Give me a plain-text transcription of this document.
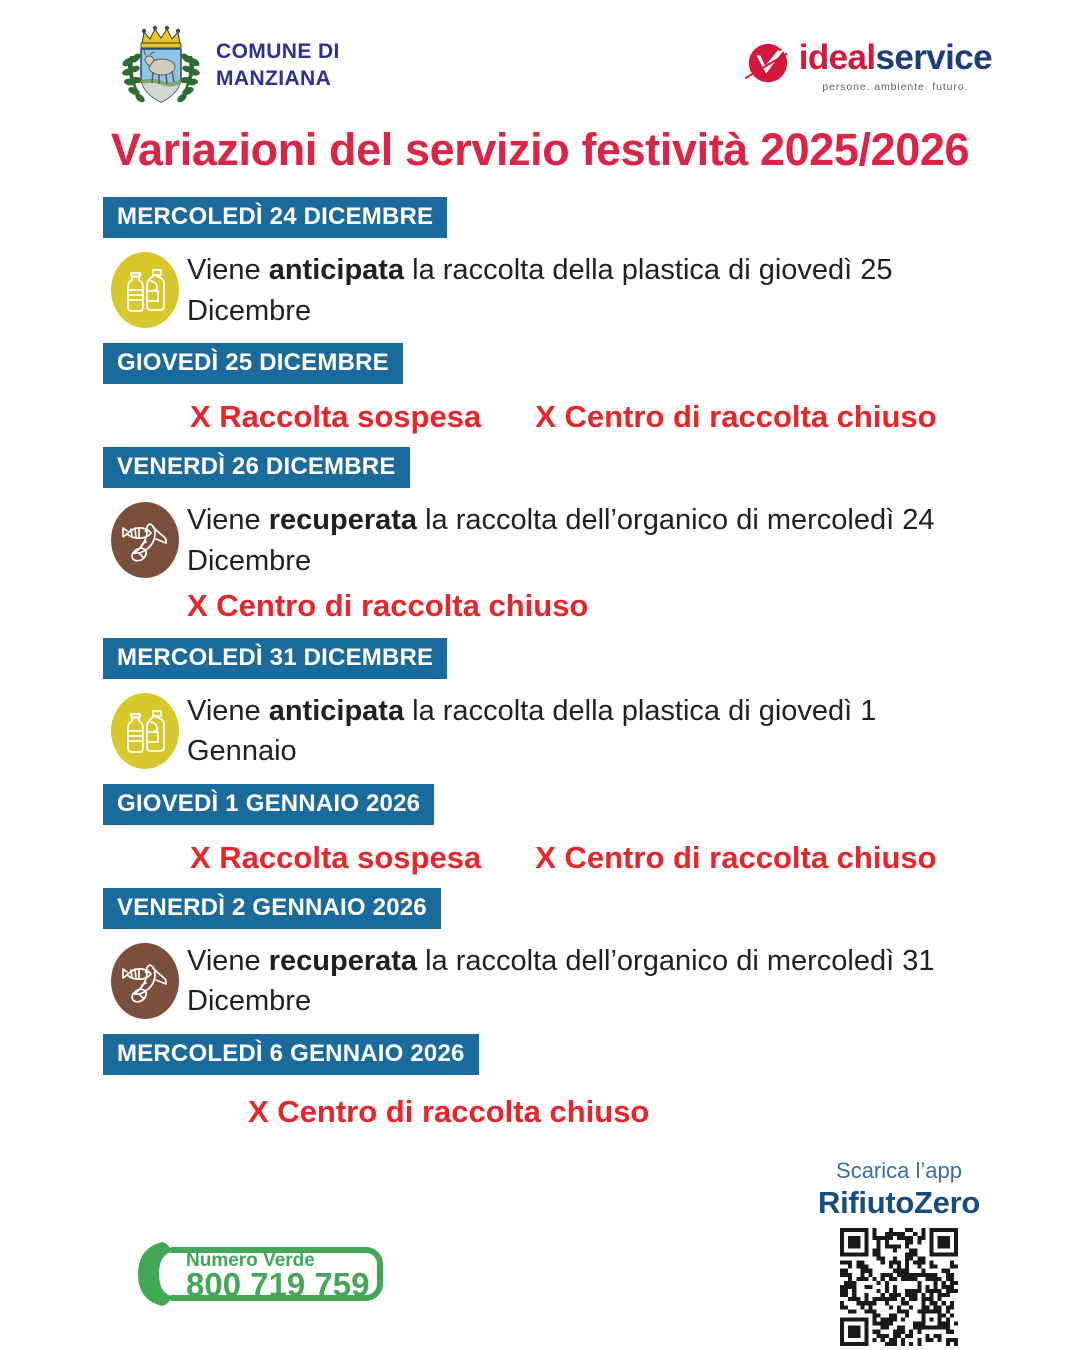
COMUNE DI
MANZIANA
idealservice
persone. ambiente. futuro.
Variazioni del servizio festività 2025/2026
MERCOLEDÌ 24 DICEMBRE
Viene anticipata la raccolta della plastica di giovedì 25 Dicembre
GIOVEDÌ 25 DICEMBRE
X Raccolta sospesa X Centro di raccolta chiuso
VENERDÌ 26 DICEMBRE
Viene recuperata la raccolta dell’organico di mercoledì 24 Dicembre
X Centro di raccolta chiuso
MERCOLEDÌ 31 DICEMBRE
Viene anticipata la raccolta della plastica di giovedì 1 Gennaio
GIOVEDÌ 1 GENNAIO 2026
X Raccolta sospesa X Centro di raccolta chiuso
VENERDÌ 2 GENNAIO 2026
Viene recuperata la raccolta dell’organico di mercoledì 31 Dicembre
MERCOLEDÌ 6 GENNAIO 2026
X Centro di raccolta chiuso
Numero Verde
800 719 759
Scarica l’app
RifiutoZero
